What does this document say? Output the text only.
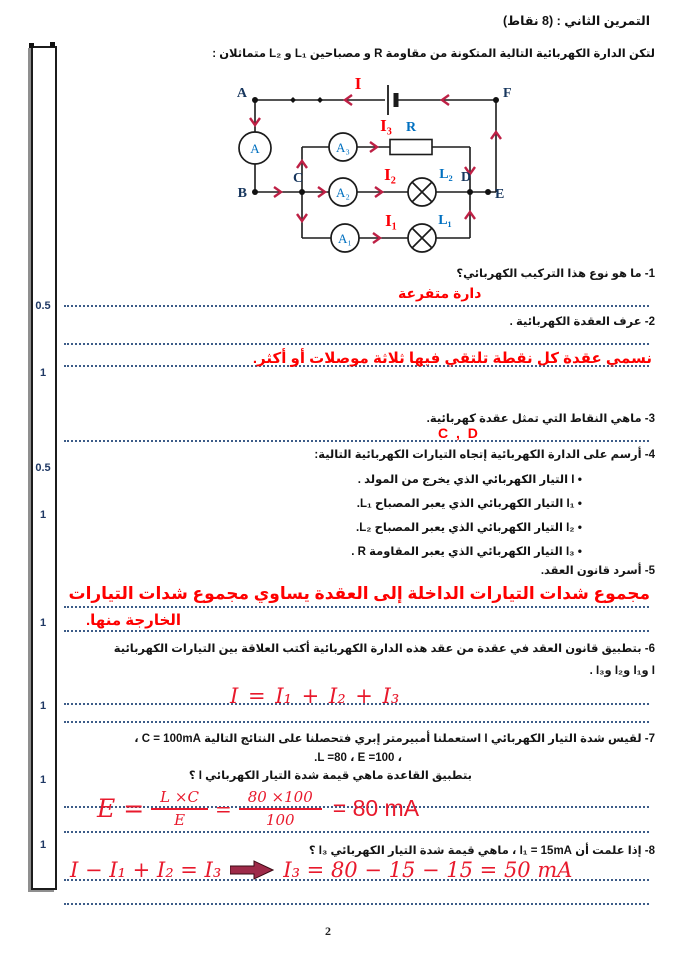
0.5
1
0.5
1
1
1
1
1
التمرين الثاني : (8 نقاط)
لتكن الدارة الكهربائية التالية المتكونة من مقاومة R و مصباحين L₁ و L₂ متماثلان :
A	F
B
C	D
E
A	A₃
A₂
A₁
R
L₂
L₁
I
I₃
I₂
I₁
1- ما هو نوع هذا التركيب الكهربائي؟
دارة متفرعة
2- عرف العقدة الكهربائية .
نسمي عقدة كل نقطة تلتقي فيها ثلاثة موصلات أو أكثر.
3- ماهي النقاط التي تمثل عقدة كهربائية.
C , D
4- أرسم على الدارة الكهربائية إتجاه التيارات الكهربائية التالية:
• I التيار الكهربائي الذي يخرج من المولد .
• I₁ التيار الكهربائي الذي يعبر المصباح L₁.
• I₂ التيار الكهربائي الذي يعبر المصباح L₂.
• I₃ التيار الكهربائي الذي يعبر المقاومة R .
5- أسرد قانون العقد.
مجموع شدات التيارات الداخلة إلى العقدة يساوي مجموع شدات التيارات
الخارجة منها.
6- بتطبيق قانون العقد في عقدة من عقد هذه الدارة الكهربائية أكتب العلاقة بين التيارات الكهربائية
I وI₁ وI₂ وI₃ .
I = I₁ + I₂ + I₃
7- لقيس شدة التيار الكهربائي I استعملنا أمبيرمتر إبري فتحصلنا على النتائج التالية C = 100mA ،
، L =80 ، E =100.
بتطبيق القاعدة ماهي قيمة شدة التيار الكهربائي I ؟
$E = \frac{L \times C}{E} = \frac{80 \times 100}{100} = 80$ mA
8- إذا علمت أن I₁ = 15mA ، ماهي قيمة شدة التيار الكهربائي I₃ ؟
I − I₁ + I₂ = I₃	I₃ = 80 − 15 − 15 = 50 mA
2
